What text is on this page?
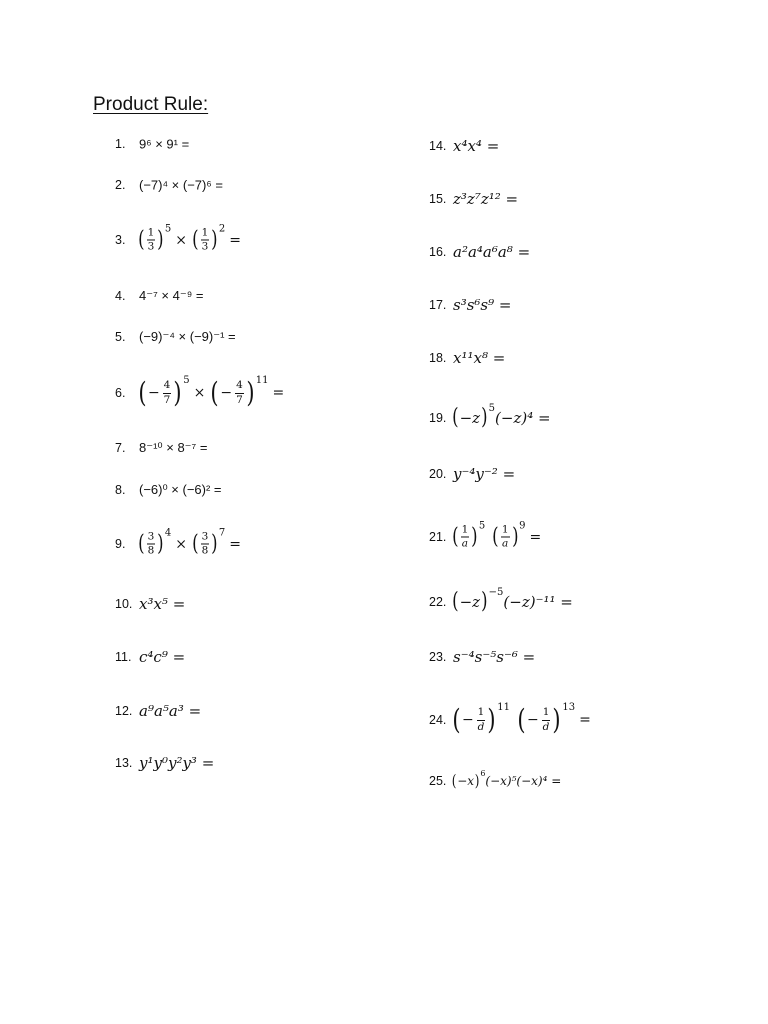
Product Rule:
1. 9⁶ × 9¹ =
2. (−7)⁴ × (−7)⁶ =
3. ( $\frac{1}{3}$ ) 5
× ( $\frac{1}{3}$ ) 2
=
4. 4⁻⁷ × 4⁻⁹ =
5. (−9)⁻⁴ × (−9)⁻¹ =
6. ( − $\frac{4}{7}$ ) 5
× ( − $\frac{4}{7}$ ) 11
=
7. 8⁻¹⁰ × 8⁻⁷ =
8. (−6)⁰ × (−6)² =
9. ( $\frac{3}{8}$ ) 4
× ( $\frac{3}{8}$ ) 7
=
10. x³x⁵ =
11. c⁴c⁹ =
12. a⁹a⁵a³ =
13. y¹y⁰y²y³ =
14. x⁴x⁴ =
15. z³z⁷z¹² =
16. a²a⁴a⁶a⁸ =
17. s³s⁶s⁹ =
18. x¹¹x⁸ =
19. ( −z ) 5
(−z)⁴ =
20. y⁻⁴y⁻² =
21. ( $\frac{1}{a}$ ) 5 ( $\frac{1}{a}$ ) 9
=
22. ( −z ) −5
(−z)⁻¹¹ =
23. s⁻⁴s⁻⁵s⁻⁶ =
24. ( − $\frac{1}{d}$ ) 11 ( − $\frac{1}{d}$ ) 13
=
25. ( −x ) 6
(−x)⁵(−x)⁴ =
